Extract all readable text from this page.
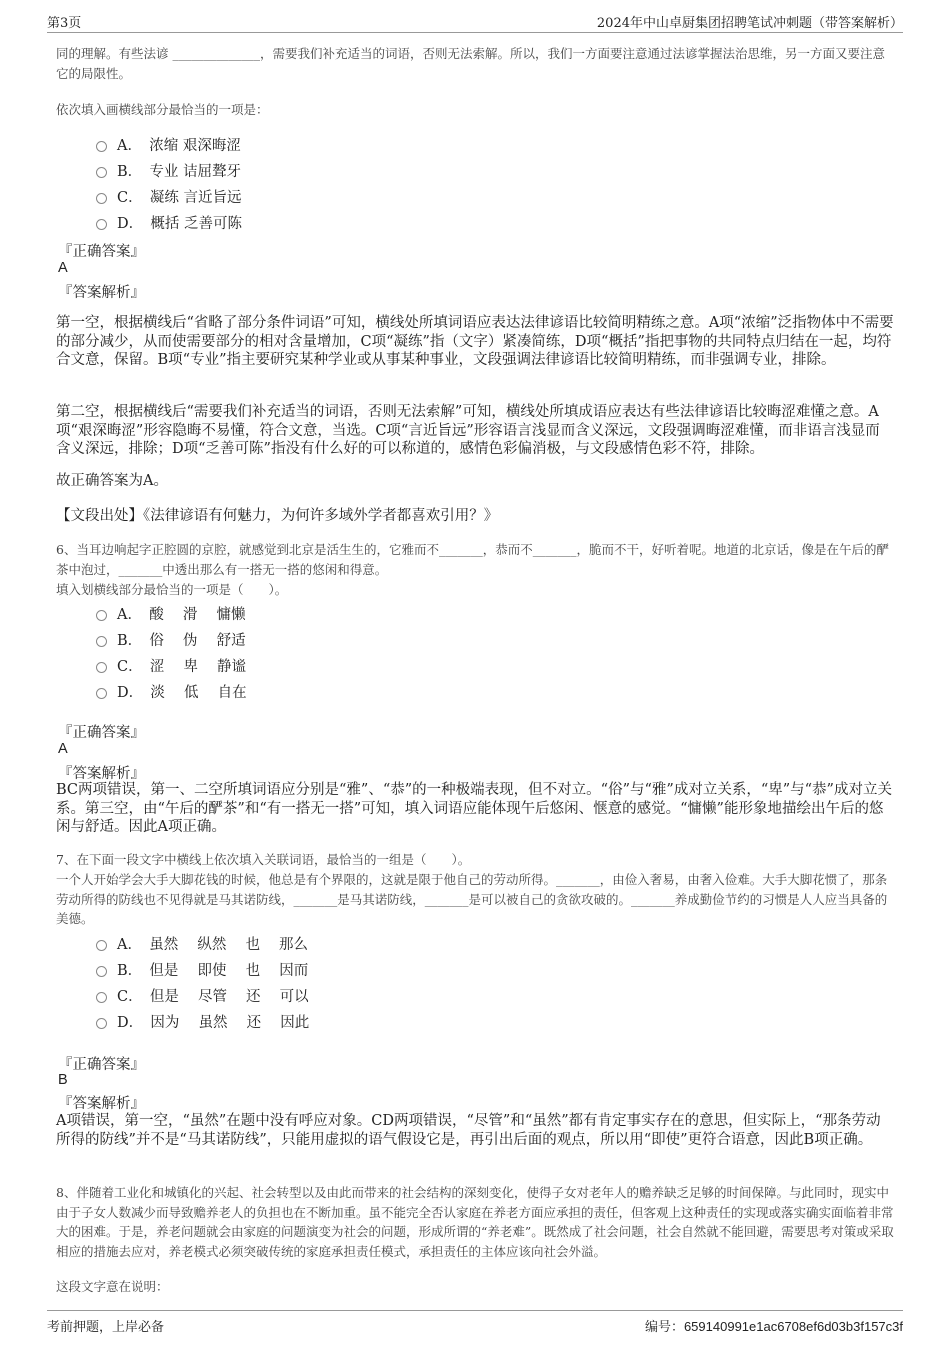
第3页	2024年中山卓厨集团招聘笔试冲刺题（带答案解析）
同的理解。有些法谚 ______________，需要我们补充适当的词语，否则无法索解。所以，我们一方面要注意通过法谚掌握法治思维，另一方面又要注意它的局限性。
依次填入画横线部分最恰当的一项是：
A．　浓缩 艰深晦涩
B．　专业 诘屈聱牙
C．　凝练 言近旨远
D．　概括 乏善可陈
『正确答案』
A
『答案解析』
第一空，根据横线后“省略了部分条件词语”可知，横线处所填词语应表达法律谚语比较简明精练之意。A项“浓缩”泛指物体中不需要的部分减少，从而使需要部分的相对含量增加，C项“凝练”指（文字）紧凑简练，D项“概括”指把事物的共同特点归结在一起，均符合文意，保留。B项“专业”指主要研究某种学业或从事某种事业，文段强调法律谚语比较简明精练，而非强调专业，排除。
第二空，根据横线后“需要我们补充适当的词语，否则无法索解”可知，横线处所填成语应表达有些法律谚语比较晦涩难懂之意。A项“艰深晦涩”形容隐晦不易懂，符合文意，当选。C项“言近旨远”形容语言浅显而含义深远，文段强调晦涩难懂，而非语言浅显而含义深远，排除；D项“乏善可陈”指没有什么好的可以称道的，感情色彩偏消极，与文段感情色彩不符，排除。
故正确答案为A。
【文段出处】《法律谚语有何魅力，为何许多域外学者都喜欢引用？》
6、当耳边响起字正腔圆的京腔，就感觉到北京是活生生的，它雅而不_______，恭而不_______，脆而不干，好听着呢。地道的北京话，像是在午后的酽茶中泡过，_______中透出那么有一搭无一搭的悠闲和得意。
填入划横线部分最恰当的一项是（　　）。
A．　酸　 滑　 慵懒
B．　俗　 伪　 舒适
C．　涩　 卑　 静谧
D．　淡　 低　 自在
『正确答案』
A
『答案解析』
BC两项错误，第一、二空所填词语应分别是“雅”、“恭”的一种极端表现，但不对立。“俗”与“雅”成对立关系，“卑”与“恭”成对立关系。第三空，由“午后的酽茶”和“有一搭无一搭”可知，填入词语应能体现午后悠闲、惬意的感觉。“慵懒”能形象地描绘出午后的悠闲与舒适。因此A项正确。
7、在下面一段文字中横线上依次填入关联词语，最恰当的一组是（　　）。
一个人开始学会大手大脚花钱的时候，他总是有个界限的，这就是限于他自己的劳动所得。_______，由俭入奢易，由奢入俭难。大手大脚花惯了，那条劳动所得的防线也不见得就是马其诺防线，_______是马其诺防线，_______是可以被自己的贪欲攻破的。_______养成勤俭节约的习惯是人人应当具备的美德。
A．　虽然　 纵然　 也　 那么
B．　但是　 即使　 也　 因而
C．　但是　 尽管　 还　 可以
D．　因为　 虽然　 还　 因此
『正确答案』
B
『答案解析』
A项错误，第一空，“虽然”在题中没有呼应对象。CD两项错误，“尽管”和“虽然”都有肯定事实存在的意思，但实际上，“那条劳动所得的防线”并不是“马其诺防线”，只能用虚拟的语气假设它是，再引出后面的观点，所以用“即使”更符合语意，因此B项正确。
8、伴随着工业化和城镇化的兴起、社会转型以及由此而带来的社会结构的深刻变化，使得子女对老年人的赡养缺乏足够的时间保障。与此同时，现实中由于子女人数减少而导致赡养老人的负担也在不断加重。虽不能完全否认家庭在养老方面应承担的责任，但客观上这种责任的实现或落实确实面临着非常大的困难。于是，养老问题就会由家庭的问题演变为社会的问题，形成所谓的“养老难”。既然成了社会问题，社会自然就不能回避，需要思考对策或采取相应的措施去应对，养老模式必须突破传统的家庭承担责任模式，承担责任的主体应该向社会外溢。
这段文字意在说明：
考前押题，上岸必备	编号：659140991e1ac6708ef6d03b3f157c3f
